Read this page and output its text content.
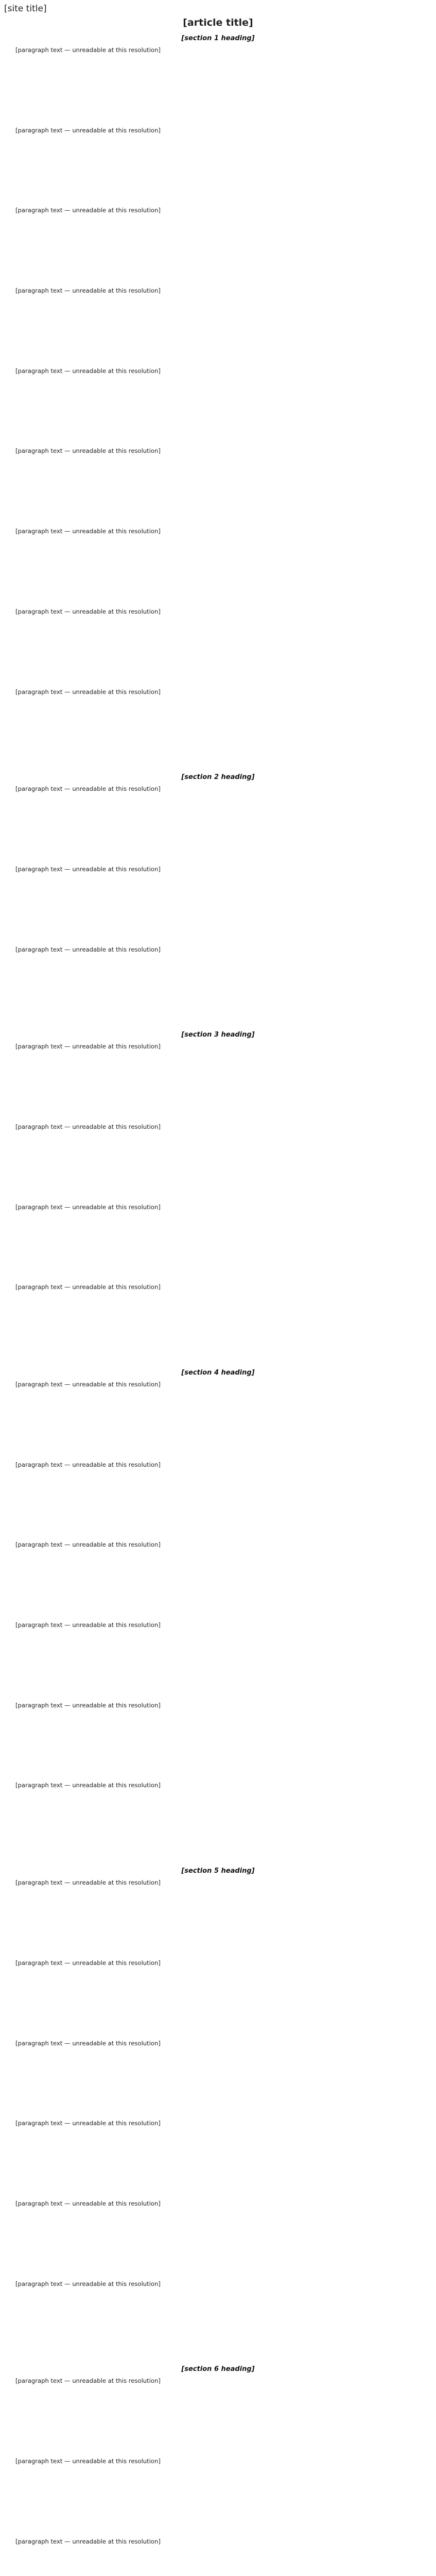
[site title]
[article title]
[section 1 heading]

[paragraph text — unreadable at this resolution]

[paragraph text — unreadable at this resolution]

[paragraph text — unreadable at this resolution]

[paragraph text — unreadable at this resolution]

[paragraph text — unreadable at this resolution]

[paragraph text — unreadable at this resolution]

[paragraph text — unreadable at this resolution]

[paragraph text — unreadable at this resolution]

[paragraph text — unreadable at this resolution]

[section 2 heading]

[paragraph text — unreadable at this resolution]

[paragraph text — unreadable at this resolution]

[paragraph text — unreadable at this resolution]

[section 3 heading]

[paragraph text — unreadable at this resolution]

[paragraph text — unreadable at this resolution]

[paragraph text — unreadable at this resolution]

[paragraph text — unreadable at this resolution]

[section 4 heading]

[paragraph text — unreadable at this resolution]

[paragraph text — unreadable at this resolution]

[paragraph text — unreadable at this resolution]

[paragraph text — unreadable at this resolution]

[paragraph text — unreadable at this resolution]

[paragraph text — unreadable at this resolution]

[section 5 heading]

[paragraph text — unreadable at this resolution]

[paragraph text — unreadable at this resolution]

[paragraph text — unreadable at this resolution]

[paragraph text — unreadable at this resolution]

[paragraph text — unreadable at this resolution]

[paragraph text — unreadable at this resolution]

[section 6 heading]

[paragraph text — unreadable at this resolution]

[paragraph text — unreadable at this resolution]

[paragraph text — unreadable at this resolution]
